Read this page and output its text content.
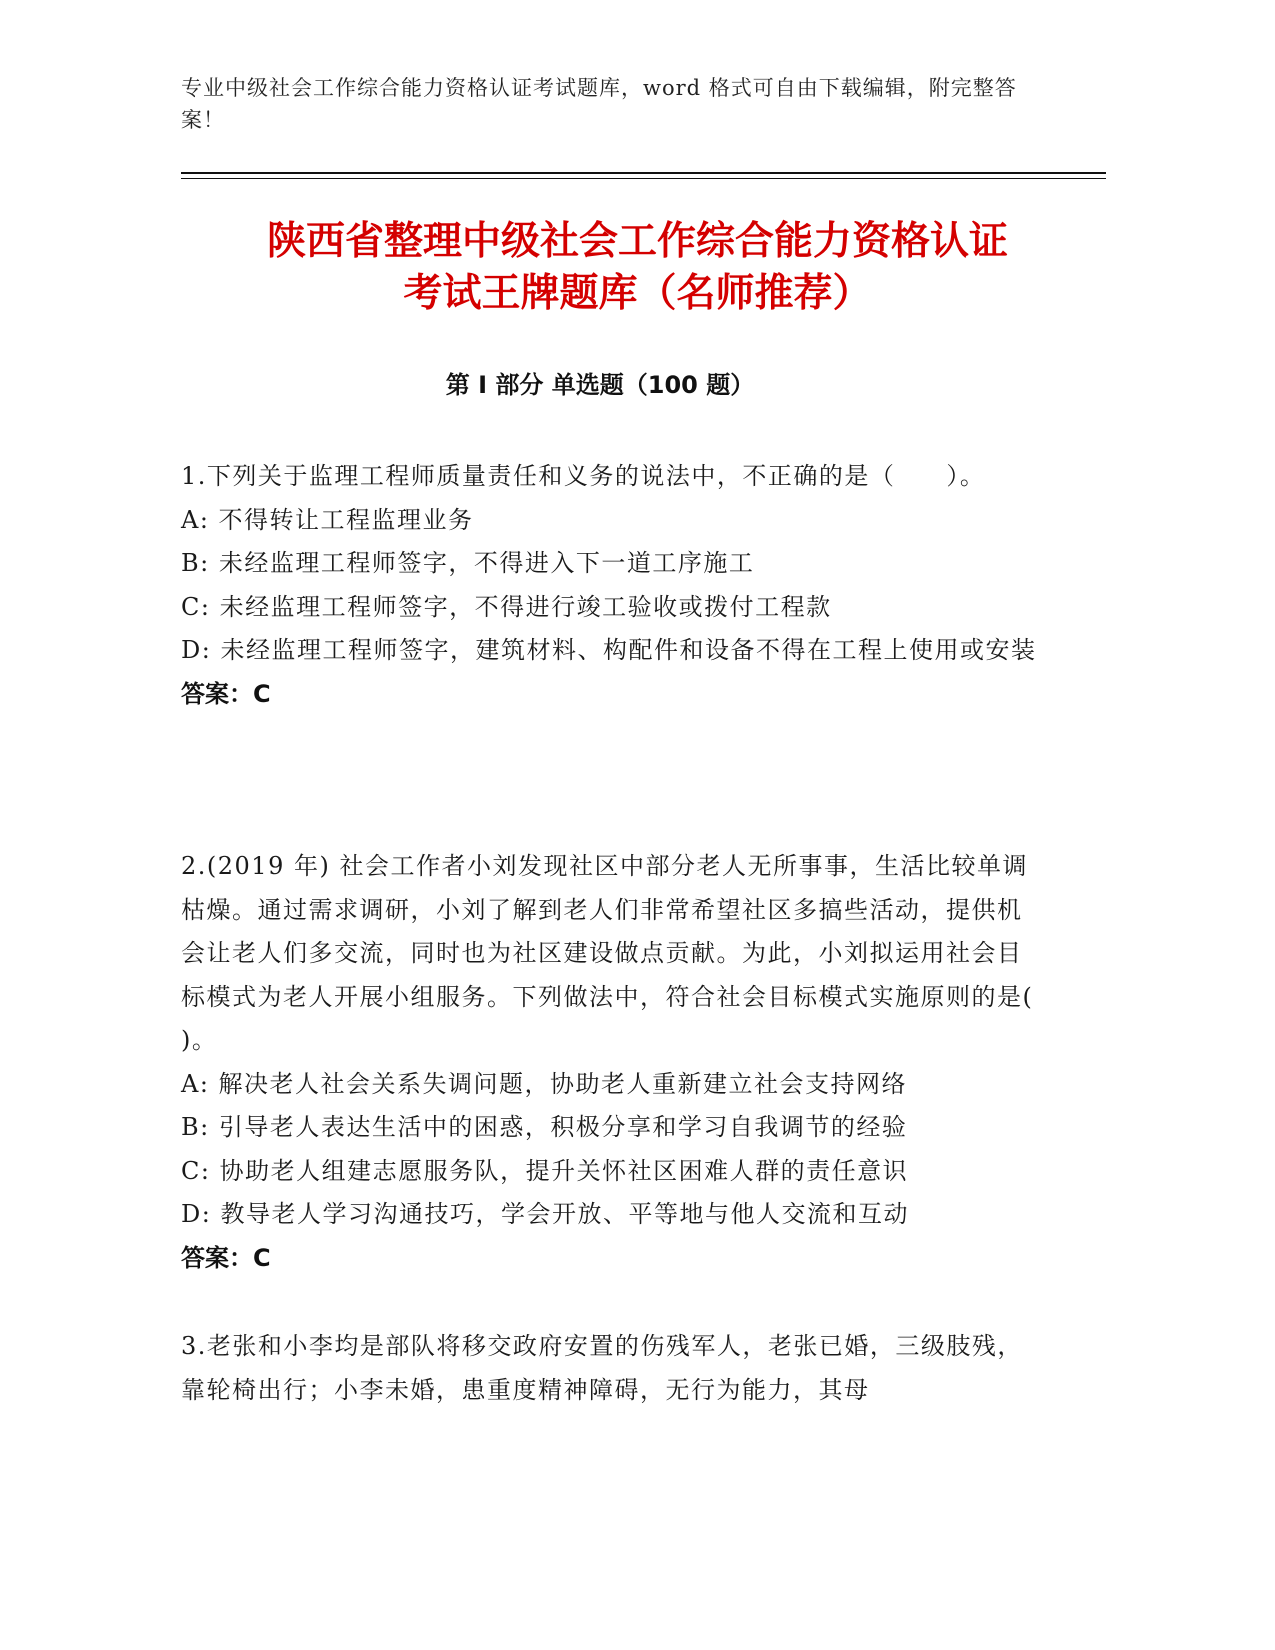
专业中级社会工作综合能力资格认证考试题库，word 格式可自由下载编辑，附完整答案！
陕西省整理中级社会工作综合能力资格认证
考试王牌题库（名师推荐）
第 I 部分 单选题（100 题）

1.下列关于监理工程师质量责任和义务的说法中，不正确的是（　　）。

A: 不得转让工程监理业务

B: 未经监理工程师签字，不得进入下一道工序施工

C: 未经监理工程师签字，不得进行竣工验收或拨付工程款

D: 未经监理工程师签字，建筑材料、构配件和设备不得在工程上使用或安装

答案：C

2.(2019 年) 社会工作者小刘发现社区中部分老人无所事事，生活比较单调枯燥。通过需求调研，小刘了解到老人们非常希望社区多搞些活动，提供机会让老人们多交流，同时也为社区建设做点贡献。为此，小刘拟运用社会目标模式为老人开展小组服务。下列做法中，符合社会目标模式实施原则的是( )。

A: 解决老人社会关系失调问题，协助老人重新建立社会支持网络

B: 引导老人表达生活中的困惑，积极分享和学习自我调节的经验

C: 协助老人组建志愿服务队，提升关怀社区困难人群的责任意识

D: 教导老人学习沟通技巧，学会开放、平等地与他人交流和互动

答案：C

3.老张和小李均是部队将移交政府安置的伤残军人，老张已婚，三级肢残，靠轮椅出行；小李未婚，患重度精神障碍，无行为能力，其母
